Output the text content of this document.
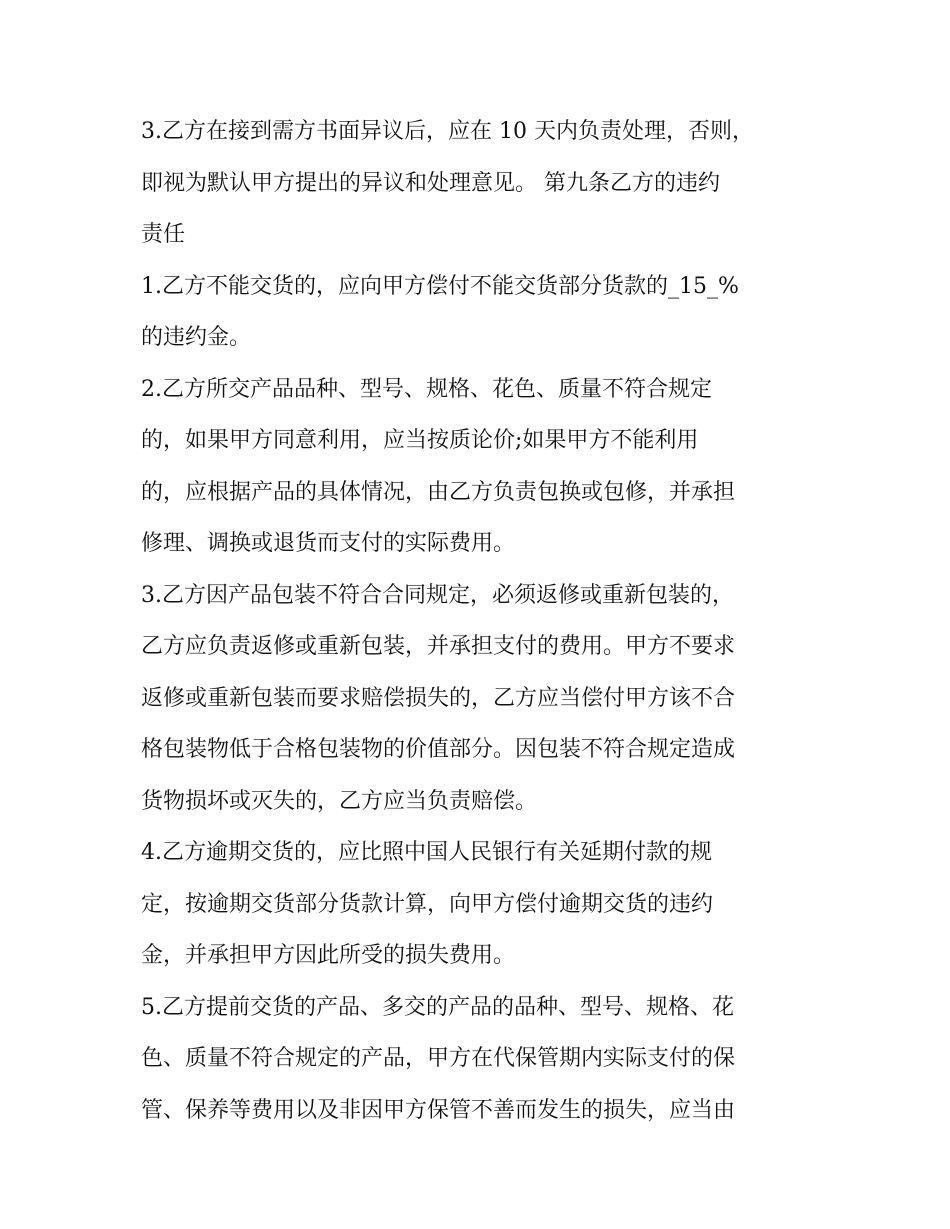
3.乙方在接到需方书面异议后，应在 10 天内负责处理，否则，
即视为默认甲方提出的异议和处理意见。 第九条乙方的违约
责任
1.乙方不能交货的，应向甲方偿付不能交货部分货款的_15_%
的违约金。
2.乙方所交产品品种、型号、规格、花色、质量不符合规定
的，如果甲方同意利用，应当按质论价;如果甲方不能利用
的，应根据产品的具体情况，由乙方负责包换或包修，并承担
修理、调换或退货而支付的实际费用。
3.乙方因产品包装不符合合同规定，必须返修或重新包装的，
乙方应负责返修或重新包装，并承担支付的费用。甲方不要求
返修或重新包装而要求赔偿损失的，乙方应当偿付甲方该不合
格包装物低于合格包装物的价值部分。因包装不符合规定造成
货物损坏或灭失的，乙方应当负责赔偿。
4.乙方逾期交货的，应比照中国人民银行有关延期付款的规
定，按逾期交货部分货款计算，向甲方偿付逾期交货的违约
金，并承担甲方因此所受的损失费用。
5.乙方提前交货的产品、多交的产品的品种、型号、规格、花
色、质量不符合规定的产品，甲方在代保管期内实际支付的保
管、保养等费用以及非因甲方保管不善而发生的损失，应当由
